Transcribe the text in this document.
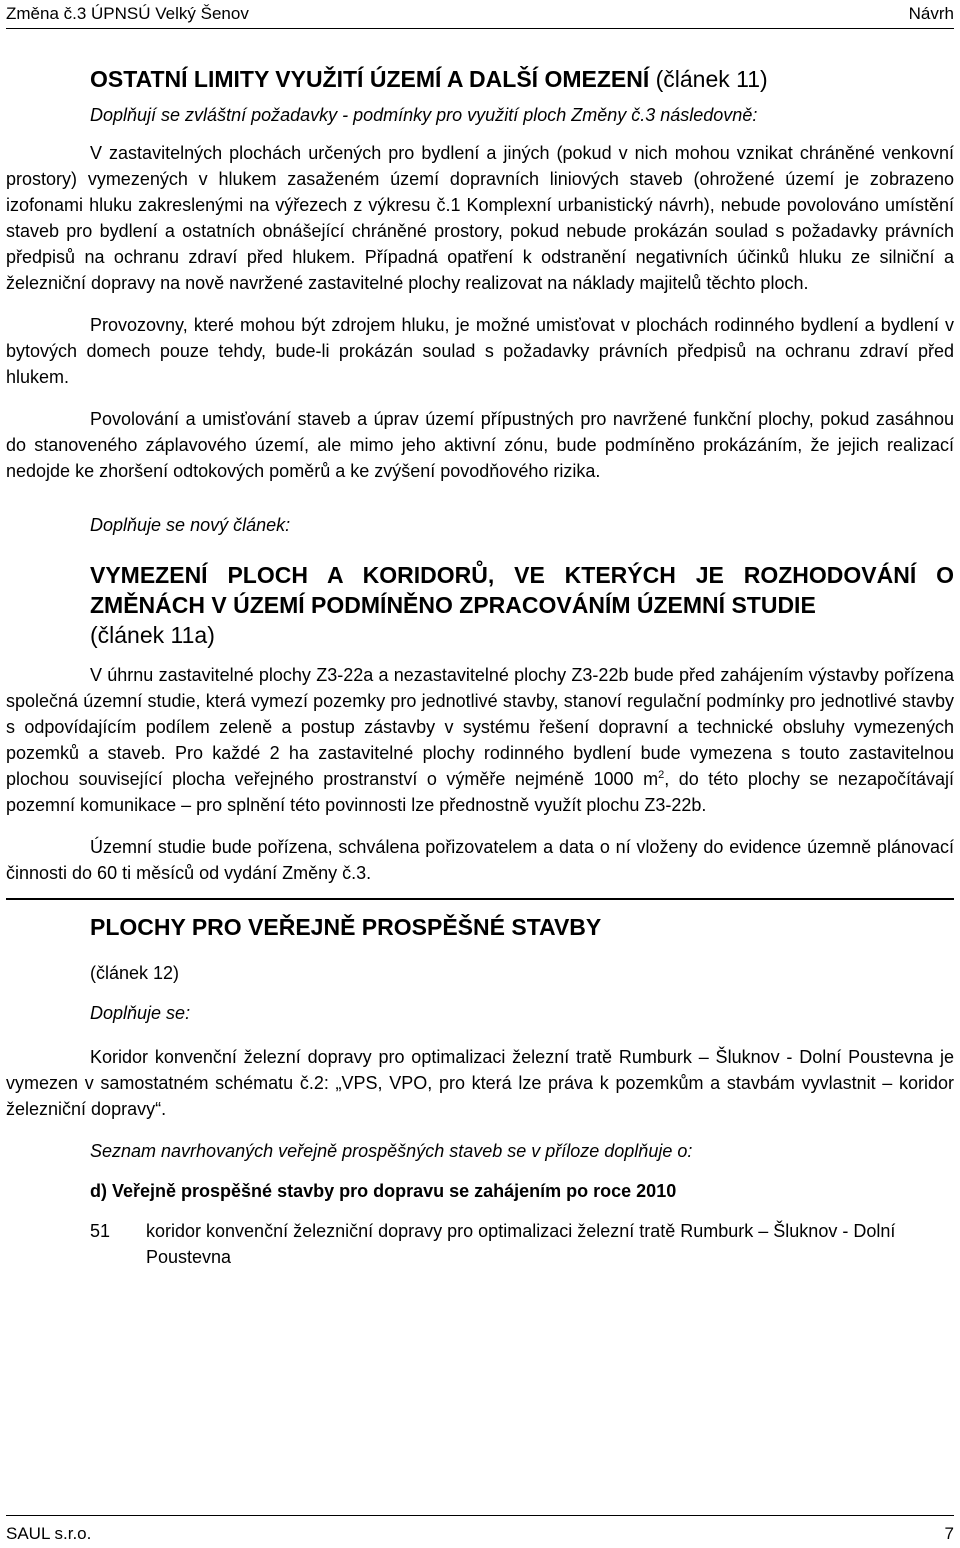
Změna č.3 ÚPNSÚ Velký Šenov	Návrh

OSTATNÍ LIMITY VYUŽITÍ ÚZEMÍ A DALŠÍ OMEZENÍ (článek 11)

Doplňují se zvláštní požadavky - podmínky pro využití ploch Změny č.3 následovně:

V zastavitelných plochách určených pro bydlení a jiných (pokud v nich mohou vznikat chráněné venkovní prostory) vymezených v hlukem zasaženém území dopravních liniových staveb (ohrožené území je zobrazeno izofonami hluku zakreslenými na výřezech z výkresu č.1 Komplexní urbanistický návrh), nebude povolováno umístění staveb pro bydlení a ostatních obnášející chráněné prostory, pokud nebude prokázán soulad s požadavky právních předpisů na ochranu zdraví před hlukem. Případná opatření k odstranění negativních účinků hluku ze silniční a železniční dopravy na nově navržené zastavitelné plochy realizovat na náklady majitelů těchto ploch.

Provozovny, které mohou být zdrojem hluku, je možné umisťovat v plochách rodinného bydlení a bydlení v bytových domech pouze tehdy, bude-li prokázán soulad s požadavky právních předpisů na ochranu zdraví před hlukem.

Povolování a umisťování staveb a úprav území přípustných pro navržené funkční plochy, pokud zasáhnou do stanoveného záplavového území, ale mimo jeho aktivní zónu, bude podmíněno prokázáním, že jejich realizací nedojde ke zhoršení odtokových poměrů a ke zvýšení povodňového rizika.

Doplňuje se nový článek:

VYMEZENÍ PLOCH A KORIDORŮ, VE KTERÝCH JE ROZHODOVÁNÍ O ZMĚNÁCH V ÚZEMÍ PODMÍNĚNO ZPRACOVÁNÍM ÚZEMNÍ STUDIE

(článek 11a)

V úhrnu zastavitelné plochy Z3-22a a nezastavitelné plochy Z3-22b bude před zahájením výstavby pořízena společná územní studie, která vymezí pozemky pro jednotlivé stavby, stanoví regulační podmínky pro jednotlivé stavby s odpovídajícím podílem zeleně a postup zástavby v systému řešení dopravní a technické obsluhy vymezených pozemků a staveb. Pro každé 2 ha zastavitelné plochy rodinného bydlení bude vymezena s touto zastavitelnou plochou související plocha veřejného prostranství o výměře nejméně 1000 $m^2$, do této plochy se nezapočítávají pozemní komunikace – pro splnění této povinnosti lze přednostně využít plochu Z3-22b.

Územní studie bude pořízena, schválena pořizovatelem a data o ní vloženy do evidence územně plánovací činnosti do 60 ti měsíců od vydání Změny č.3.

PLOCHY PRO VEŘEJNĚ PROSPĚŠNÉ STAVBY

(článek 12)

Doplňuje se:

Koridor konvenční železní dopravy pro optimalizaci železní tratě Rumburk – Šluknov - Dolní Poustevna je vymezen v samostatném schématu č.2: „VPS, VPO, pro která lze práva k pozemkům a stavbám vyvlastnit – koridor železniční dopravy“.

Seznam navrhovaných veřejně prospěšných staveb se v příloze doplňuje o:

d) Veřejně prospěšné stavby pro dopravu se zahájením po roce 2010

51 koridor konvenční železniční dopravy pro optimalizaci železní tratě Rumburk – Šluknov - Dolní Poustevna

SAUL s.r.o.	7
